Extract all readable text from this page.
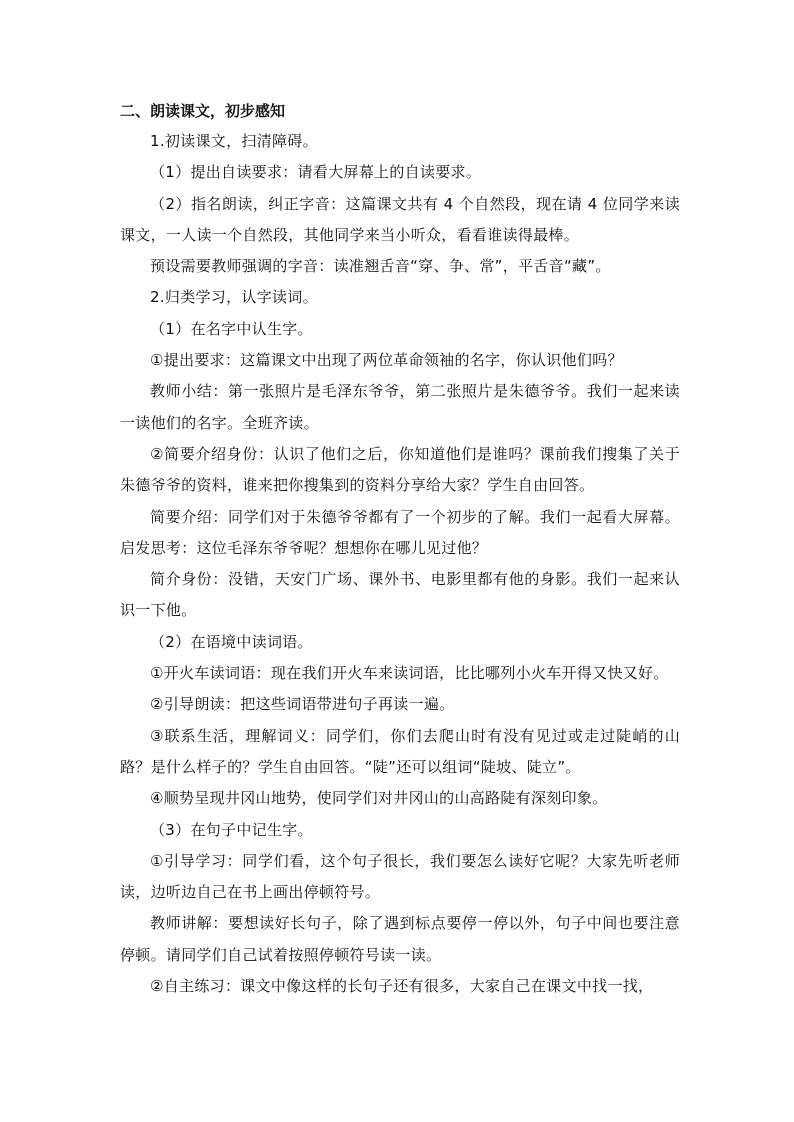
二、朗读课文，初步感知

1.初读课文，扫清障碍。

（1）提出自读要求：请看大屏幕上的自读要求。

（2）指名朗读，纠正字音：这篇课文共有 4 个自然段，现在请 4 位同学来读课文，一人读一个自然段，其他同学来当小听众，看看谁读得最棒。

预设需要教师强调的字音：读准翘舌音“穿、争、常”，平舌音“藏”。

2.归类学习，认字读词。

（1）在名字中认生字。

①提出要求：这篇课文中出现了两位革命领袖的名字，你认识他们吗？

教师小结：第一张照片是毛泽东爷爷，第二张照片是朱德爷爷。我们一起来读一读他们的名字。全班齐读。

②简要介绍身份：认识了他们之后，你知道他们是谁吗？课前我们搜集了关于朱德爷爷的资料，谁来把你搜集到的资料分享给大家？学生自由回答。

简要介绍：同学们对于朱德爷爷都有了一个初步的了解。我们一起看大屏幕。启发思考：这位毛泽东爷爷呢？想想你在哪儿见过他？

简介身份：没错，天安门广场、课外书、电影里都有他的身影。我们一起来认识一下他。

（2）在语境中读词语。

①开火车读词语：现在我们开火车来读词语，比比哪列小火车开得又快又好。

②引导朗读：把这些词语带进句子再读一遍。

③联系生活，理解词义：同学们，你们去爬山时有没有见过或走过陡峭的山路？是什么样子的？学生自由回答。“陡”还可以组词“陡坡、陡立”。

④顺势呈现井冈山地势，使同学们对井冈山的山高路陡有深刻印象。

（3）在句子中记生字。

①引导学习：同学们看，这个句子很长，我们要怎么读好它呢？大家先听老师读，边听边自己在书上画出停顿符号。

教师讲解：要想读好长句子，除了遇到标点要停一停以外，句子中间也要注意停顿。请同学们自己试着按照停顿符号读一读。

②自主练习：课文中像这样的长句子还有很多，大家自己在课文中找一找，
